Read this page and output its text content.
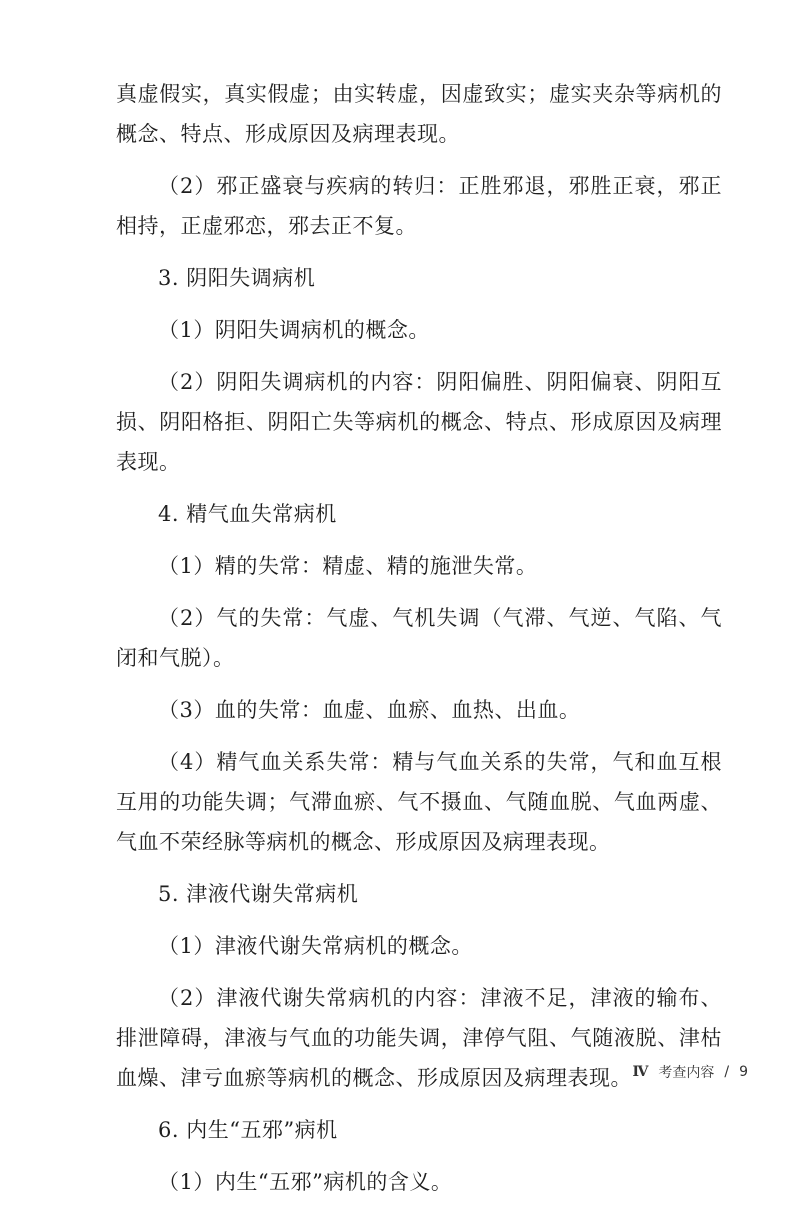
真虚假实，真实假虚；由实转虚，因虚致实；虚实夹杂等病机的概念、特点、形成原因及病理表现。

（2）邪正盛衰与疾病的转归：正胜邪退，邪胜正衰，邪正相持，正虚邪恋，邪去正不复。

3. 阴阳失调病机

（1）阴阳失调病机的概念。

（2）阴阳失调病机的内容：阴阳偏胜、阴阳偏衰、阴阳互损、阴阳格拒、阴阳亡失等病机的概念、特点、形成原因及病理表现。

4. 精气血失常病机

（1）精的失常：精虚、精的施泄失常。

（2）气的失常：气虚、气机失调（气滞、气逆、气陷、气闭和气脱）。

（3）血的失常：血虚、血瘀、血热、出血。

（4）精气血关系失常：精与气血关系的失常，气和血互根互用的功能失调；气滞血瘀、气不摄血、气随血脱、气血两虚、气血不荣经脉等病机的概念、形成原因及病理表现。

5. 津液代谢失常病机

（1）津液代谢失常病机的概念。

（2）津液代谢失常病机的内容：津液不足，津液的输布、排泄障碍，津液与气血的功能失调，津停气阻、气随液脱、津枯血燥、津亏血瘀等病机的概念、形成原因及病理表现。

6. 内生“五邪”病机

（1）内生“五邪”病机的含义。

Ⅳ 考查内容 / 9
